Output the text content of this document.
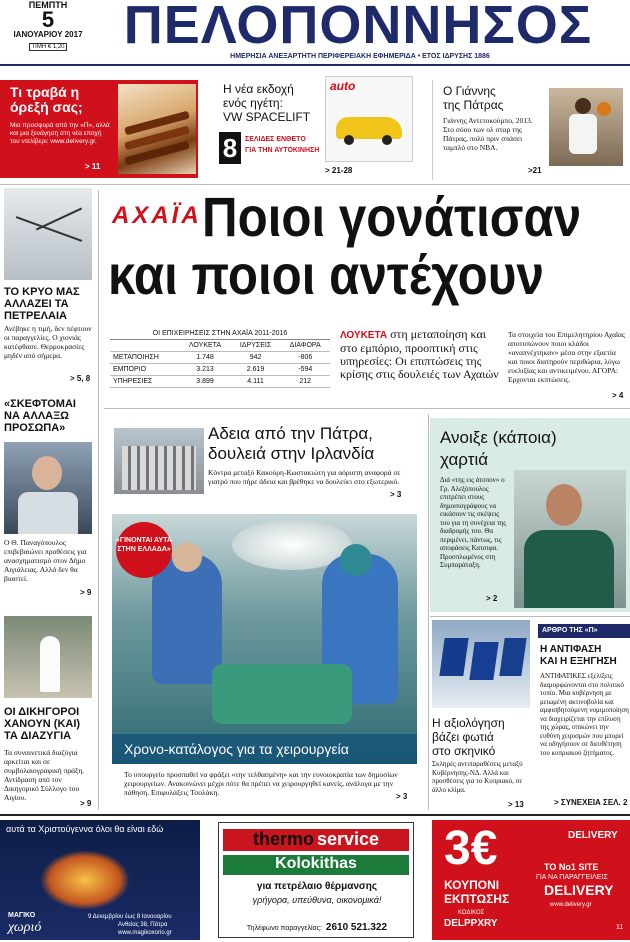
ΠΕΜΠΤΗ
5
ΙΑΝΟΥΑΡΙΟΥ 2017
ΤΙΜΗ € 1,20	ΠΕΛΟΠΟΝΝΗΣΟΣ
ΗΜΕΡΗΣΙΑ ΑΝΕΞΑΡΤΗΤΗ ΠΕΡΙΦΕΡΕΙΑΚΗ ΕΦΗΜΕΡΙΔΑ • ΕΤΟΣ ΙΔΡΥΣΗΣ 1886
Τι τραβά η όρεξή σας;
Μια προσφορά από την «Π», αλλά και μια ξενάγηση στη νέα εποχή του ντελίβερι: www.delivery.gr.
> 11
Η νέα εκδοχή
ενός ηγέτη:
VW SPACELIFT
8	ΣΕΛΙΔΕΣ ΕΝΘΕΤΟ
ΓΙΑ ΤΗΝ ΑΥΤΟΚΙΝΗΣΗ
> 21-28
auto	Ο Γιάννης
της Πάτρας
Γιάννης Αντετοκούμπο, 2013. Στο σόου των ολ σταρ της Πάτρας, πολύ πριν σπάσει ταμπλό στο NBA.
>21
ΤΟ ΚΡΥΟ ΜΑΣ ΑΛΛΑΖΕΙ ΤΑ ΠΕΤΡΕΛΑΙΑ
Ανέβηκε η τιμή, δεν πέφτουν οι παραγγελίες. Ο χιονιάς κατέφθασε. Θερμοκρασίες μηδέν από σήμερα.
> 5, 8
«ΣΚΕΦΤΟΜΑΙ ΝΑ ΑΛΛΑΞΩ ΠΡΟΣΩΠΑ»
Ο Θ. Παναγόπουλος επιβεβαιώνει προθέσεις για ανασχηματισμό στον Δήμο Αιγιάλειας. Αλλά δεν θα βιαστεί.
> 9
ΟΙ ΔΙΚΗΓΟΡΟΙ ΧΑΝΟΥΝ (ΚΑΙ) ΤΑ ΔΙΑΖΥΓΙΑ
Τα συναινετικά διαζύγια αρκείται και σε συμβολαιογραφική πράξη. Αντίδραση από τον Δικηγορικό Σύλλογο του Αιγίου.
> 9
ΑΧΑΪΑ Ποιοι γονάτισαν
και ποιοι αντέχουν
ΟΙ ΕΠΙΧΕΙΡΗΣΕΙΣ ΣΤΗΝ ΑΧΑΪΑ 2011-2016
	ΛΟΥΚΕΤΑ	ΙΔΡΥΣΕΙΣ	ΔΙΑΦΟΡΑ
ΜΕΤΑΠΟΙΗΣΗ	1.748	942	-806
ΕΜΠΟΡΙΟ	3.213	2.619	-594
ΥΠΗΡΕΣΙΕΣ	3.899	4.111	212
ΛΟΥΚΕΤΑ στη μεταποίηση και στο εμπόριο, προοπτική στις υπηρεσίες: Οι επιπτώσεις της κρίσης στις δουλειές των Αχαιών
Τα στοιχεία του Επιμελητηρίου Αχαΐας αποτυπώνουν ποιοι κλάδοι «αναπνέχτηκαν» μέσα στην εξαετία και ποιοι διατηρούν περιθώρια, λόγω ευελιξίας και αντικειμένου. ΑΓΟΡΑ: Ερχονται εκπτώσεις.
> 4
Αδεια από την Πάτρα,
δουλειά στην Ιρλανδία
Κόντρα μεταξύ Κακούρη-Κωστακιώτη για αόριστη αναφορά σε γιατρό που πήρε άδεια και βρέθηκε να δουλεύει στο εξωτερικό.
> 3
«ΓΙΝΟΝΤΑΙ ΑΥΤΑ ΣΤΗΝ ΕΛΛΑΔΑ»
Χρονο-κατάλογος για τα χειρουργεία
Το υπουργείο προσπαθεί να φράξει «την τελθασμένη» και την ευνοιοκρατία των δημοσίων χειρουργείων. Ανακοινώνει μέχρι πότε θα πρέπει να χειρουργηθεί κανείς, ανάλογα με την πάθηση. Επιφυλάξεις Τσολάκη.	> 3
Ανοιξε (κάποια)
χαρτιά
Διά «της εις άτοπον» ο Γρ. Αλεξόπουλος επιτρέπει στους δημοσιογράφους να εικάσουν τις σκέψεις του για τη συνέχεια της διαδρομής του. Θα περιμένει, πάντως, τις αποφάσεις Κατσιφα. Προσπλωμένος στη Συμπαράταξη.
> 2
Η αξιολόγηση
βάζει φωτιά
στο σκηνικό
Σκληρές αντιπαραθέσεις μεταξύ Κυβέρνησης-ΝΔ. Αλλά και προσθέσεις για το Κυπριακό, σε άλλο κλίμα.
> 13
ΑΡΘΡΟ ΤΗΣ «Π»
Η ΑΝΤΙΦΑΣΗ
ΚΑΙ Η ΕΞΗΓΗΣΗ
ΑΝΤΙΦΑΤΙΚΕΣ εξελίξεις διαμορφώνονται στο πολιτικό τοπίο. Μια κυβέρνηση με μειωμένη ακτινοβολία και αμφισβητούμενη νομιμοποίηση να διαχειρίζεται την επίλυση της χώρας, σπικώνει την ευθύνη χειρισμών που μπορεί να οδηγήσουν σε διευθέτηση του κυπριακού ζητήματος.
> ΣΥΝΕΧΕΙΑ ΣΕΛ. 2
αυτά τα Χριστούγεννα όλοι θα είναι εδώ
ΜΑΓΙΚΟ
χωριό
9 Δεκεμβρίου έως 8 Ιανουαρίου
Ανθείας 38, Πάτρα
www.magikoxorio.gr
thermo service
Kolokithas
για πετρέλαιο θέρμανσης
γρήγορα, υπεύθυνα, οικονομικά!
Τηλέφωνο παραγγελίας: 2610 521.322
3€
ΚΟΥΠΟΝΙ
ΕΚΠΤΩΣΗΣ
ΚΩΔΙΚΟΣ
DELPPXRY
DELIVERY
ΤΟ No1 SITE
ΓΙΑ ΝΑ ΠΑΡΑΓΓΕΙΛΕΙΣ
DELIVERY
www.delivery.gr
11
